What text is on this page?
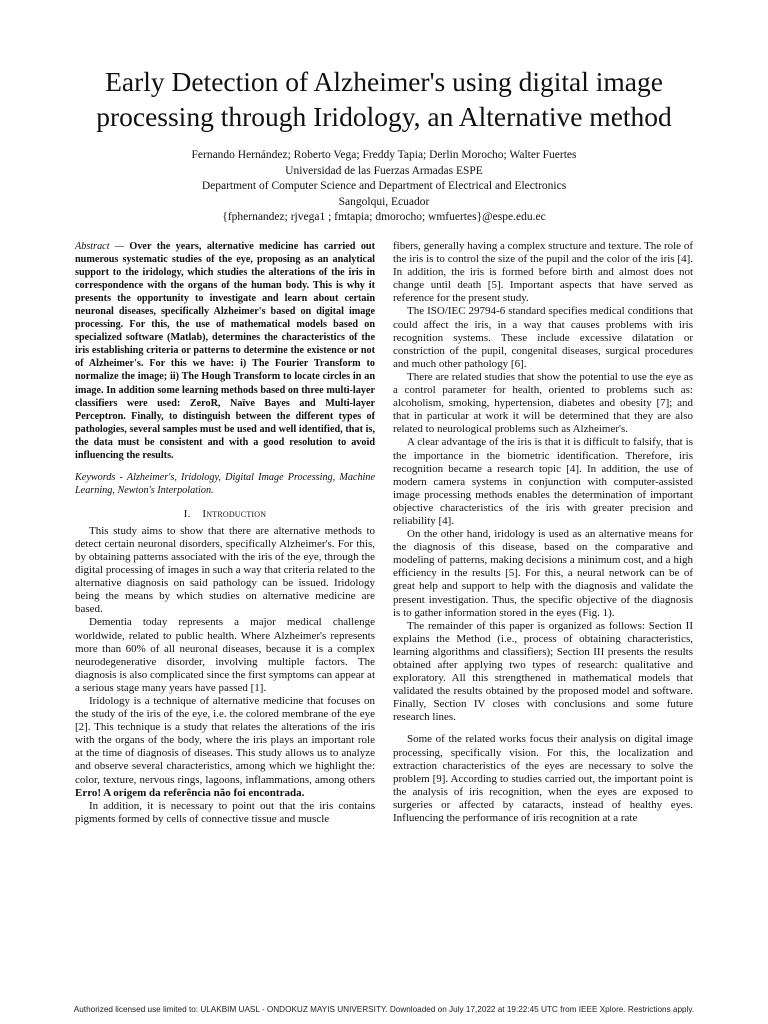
Early Detection of Alzheimer's using digital image
processing through Iridology, an Alternative method
Fernando Hernández; Roberto Vega; Freddy Tapia; Derlin Morocho; Walter Fuertes
Universidad de las Fuerzas Armadas ESPE
Department of Computer Science and Department of Electrical and Electronics
Sangolqui, Ecuador
{fphernandez; rjvega1 ; fmtapia; dmorocho; wmfuertes}@espe.edu.ec

Abstract — Over the years, alternative medicine has carried out numerous systematic studies of the eye, proposing as an analytical support to the iridology, which studies the alterations of the iris in correspondence with the organs of the human body. This is why it presents the opportunity to investigate and learn about certain neuronal diseases, specifically Alzheimer's based on digital image processing. For this, the use of mathematical models based on specialized software (Matlab), determines the characteristics of the iris establishing criteria or patterns to determine the existence or not of Alzheimer's. For this we have: i) The Fourier Transform to normalize the image; ii) The Hough Transform to locate circles in an image. In addition some learning methods based on three multi-layer classifiers were used: ZeroR, Naïve Bayes and Multi-layer Perceptron. Finally, to distinguish between the different types of pathologies, several samples must be used and well identified, that is, the data must be consistent and with a good resolution to avoid influencing the results.

Keywords - Alzheimer's, Iridology, Digital Image Processing, Machine Learning, Newton's Interpolation.

I. Introduction

This study aims to show that there are alternative methods to detect certain neuronal disorders, specifically Alzheimer's. For this, by obtaining patterns associated with the iris of the eye, through the digital processing of images in such a way that criteria related to the alternative diagnosis on said pathology can be issued. Iridology being the means by which studies on alternative medicine are based.

Dementia today represents a major medical challenge worldwide, related to public health. Where Alzheimer's represents more than 60% of all neuronal diseases, because it is a complex neurodegenerative disorder, involving multiple factors. The diagnosis is also complicated since the first symptoms can appear at a serious stage many years have passed [1].

Iridology is a technique of alternative medicine that focuses on the study of the iris of the eye, i.e. the colored membrane of the eye [2]. This technique is a study that relates the alterations of the iris with the organs of the body, where the iris plays an important role at the time of diagnosis of diseases. This study allows us to analyze and observe several characteristics, among which we highlight the: color, texture, nervous rings, lagoons, inflammations, among others Erro! A origem da referência não foi encontrada.

In addition, it is necessary to point out that the iris contains pigments formed by cells of connective tissue and muscle

fibers, generally having a complex structure and texture. The role of the iris is to control the size of the pupil and the color of the iris [4]. In addition, the iris is formed before birth and almost does not change until death [5]. Important aspects that have served as reference for the present study.

The ISO/IEC 29794-6 standard specifies medical conditions that could affect the iris, in a way that causes problems with iris recognition systems. These include excessive dilatation or constriction of the pupil, congenital diseases, surgical procedures and much other pathology [6].

There are related studies that show the potential to use the eye as a control parameter for health, oriented to problems such as: alcoholism, smoking, hypertension, diabetes and obesity [7]; and that in particular at work it will be determined that they are also related to neurological problems such as Alzheimer's.

A clear advantage of the iris is that it is difficult to falsify, that is the importance in the biometric identification. Therefore, iris recognition became a research topic [4]. In addition, the use of modern camera systems in conjunction with computer-assisted image processing methods enables the determination of important objective characteristics of the iris with greater precision and reliability [4].

On the other hand, iridology is used as an alternative means for the diagnosis of this disease, based on the comparative and modeling of patterns, making decisions a minimum cost, and a high efficiency in the results [5]. For this, a neural network can be of great help and support to help with the diagnosis and validate the present investigation. Thus, the specific objective of the diagnosis is to gather information stored in the eyes (Fig. 1).

The remainder of this paper is organized as follows: Section II explains the Method (i.e., process of obtaining characteristics, learning algorithms and classifiers); Section III presents the results obtained after applying two types of research: qualitative and exploratory. All this strengthened in mathematical models that validated the results obtained by the proposed model and software. Finally, Section IV closes with conclusions and some future research lines.

Some of the related works focus their analysis on digital image processing, specifically vision. For this, the localization and extraction characteristics of the eyes are necessary to solve the problem [9]. According to studies carried out, the important point is the analysis of iris recognition, when the eyes are exposed to surgeries or affected by cataracts, instead of healthy eyes. Influencing the performance of iris recognition at a rate

Authorized licensed use limited to: ULAKBIM UASL - ONDOKUZ MAYIS UNIVERSITY. Downloaded on July 17,2022 at 19:22:45 UTC from IEEE Xplore. Restrictions apply.
